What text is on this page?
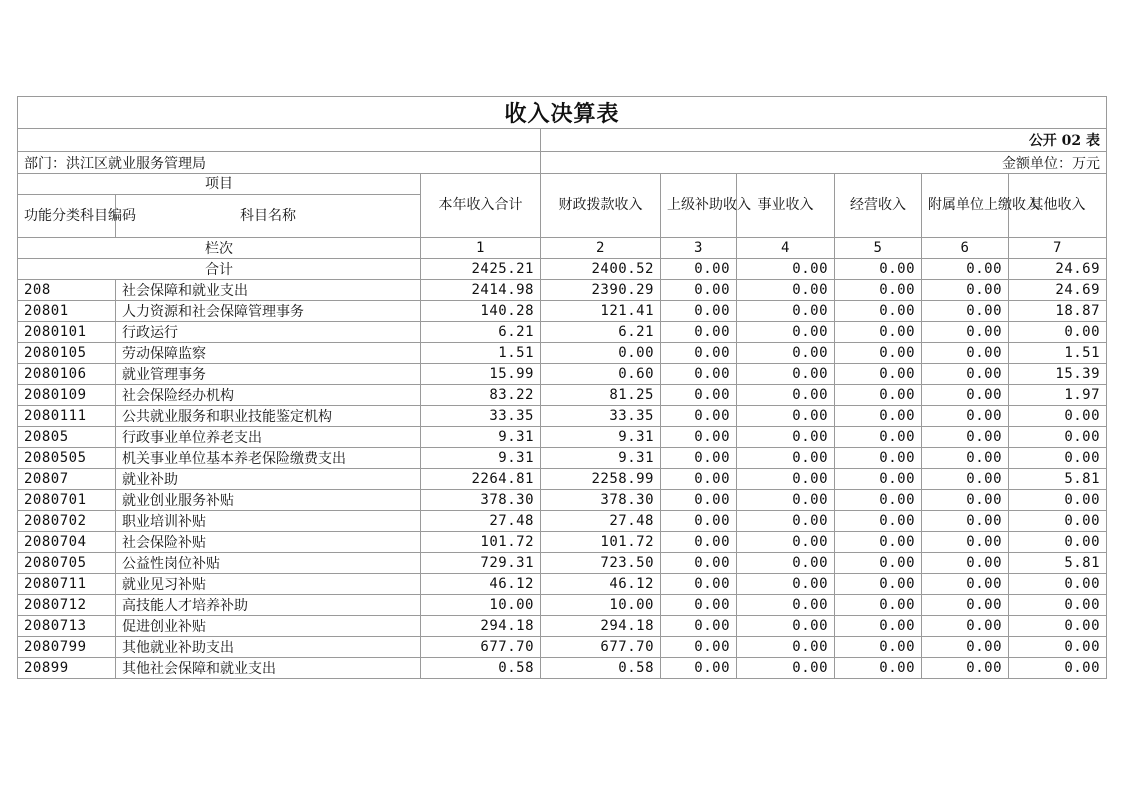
收入决算表								
			公开 02 表					
部门：洪江区就业服务管理局			金额单位：万元					
项目		本年收入合计	财政拨款收入	上级补助收入	事业收入	经营收入	附属单位上缴收入	其他收入
功能分类科目编码	科目名称							
栏次		1	2	3	4	5	6	7
合计		2425.21	2400.52	0.00	0.00	0.00	0.00	24.69
208	社会保障和就业支出	2414.98	2390.29	0.00	0.00	0.00	0.00	24.69
20801	人力资源和社会保障管理事务	140.28	121.41	0.00	0.00	0.00	0.00	18.87
2080101	行政运行	6.21	6.21	0.00	0.00	0.00	0.00	0.00
2080105	劳动保障监察	1.51	0.00	0.00	0.00	0.00	0.00	1.51
2080106	就业管理事务	15.99	0.60	0.00	0.00	0.00	0.00	15.39
2080109	社会保险经办机构	83.22	81.25	0.00	0.00	0.00	0.00	1.97
2080111	公共就业服务和职业技能鉴定机构	33.35	33.35	0.00	0.00	0.00	0.00	0.00
20805	行政事业单位养老支出	9.31	9.31	0.00	0.00	0.00	0.00	0.00
2080505	机关事业单位基本养老保险缴费支出	9.31	9.31	0.00	0.00	0.00	0.00	0.00
20807	就业补助	2264.81	2258.99	0.00	0.00	0.00	0.00	5.81
2080701	就业创业服务补贴	378.30	378.30	0.00	0.00	0.00	0.00	0.00
2080702	职业培训补贴	27.48	27.48	0.00	0.00	0.00	0.00	0.00
2080704	社会保险补贴	101.72	101.72	0.00	0.00	0.00	0.00	0.00
2080705	公益性岗位补贴	729.31	723.50	0.00	0.00	0.00	0.00	5.81
2080711	就业见习补贴	46.12	46.12	0.00	0.00	0.00	0.00	0.00
2080712	高技能人才培养补助	10.00	10.00	0.00	0.00	0.00	0.00	0.00
2080713	促进创业补贴	294.18	294.18	0.00	0.00	0.00	0.00	0.00
2080799	其他就业补助支出	677.70	677.70	0.00	0.00	0.00	0.00	0.00
20899	其他社会保障和就业支出	0.58	0.58	0.00	0.00	0.00	0.00	0.00
